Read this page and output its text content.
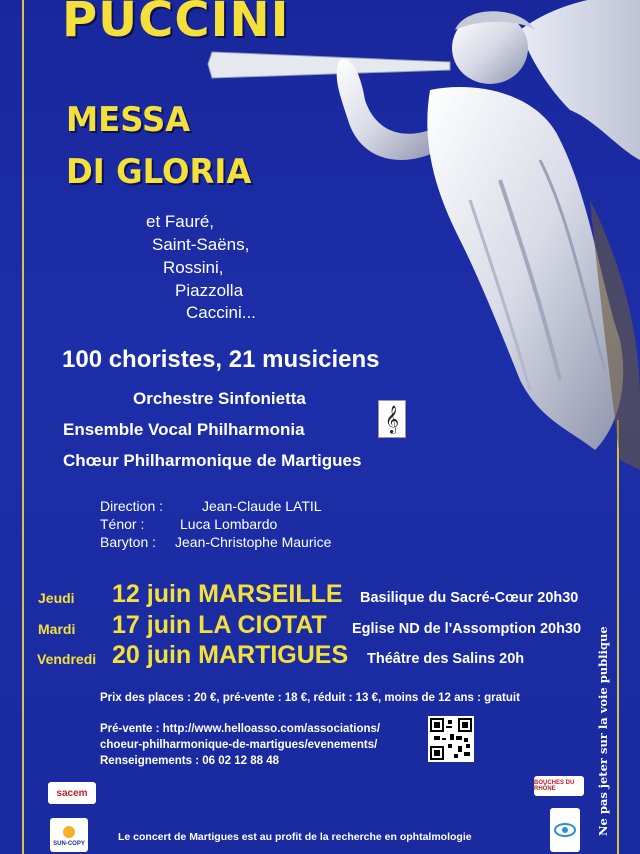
PUCCINI
MESSA
DI GLORIA
et Fauré,
Saint-Saëns,
Rossini,
Piazzolla
Caccini...
100 choristes, 21 musiciens
Orchestre Sinfonietta
Ensemble Vocal Philharmonia	𝄞
Chœur Philharmonique de Martigues
Direction :	Jean-Claude LATIL
Ténor :	Luca Lombardo
Baryton : Jean-Christophe Maurice
Jeudi 12 juin MARSEILLE Basilique du Sacré-Cœur 20h30
Mardi 17 juin LA CIOTAT Eglise ND de l'Assomption 20h30
Vendredi 20 juin MARTIGUES Théâtre des Salins 20h
Prix des places : 20 €, pré-vente : 18 €, réduit : 13 €, moins de 12 ans : gratuit
Pré-vente : http://www.helloasso.com/associations/
choeur-philharmonique-de-martigues/evenements/
Renseignements : 06 02 12 88 48
sacem
BOUCHES DU RHÔNE
SUN-COPY
Le concert de Martigues est au profit de la recherche en ophtalmologie
Ne pas jeter sur la voie publique
